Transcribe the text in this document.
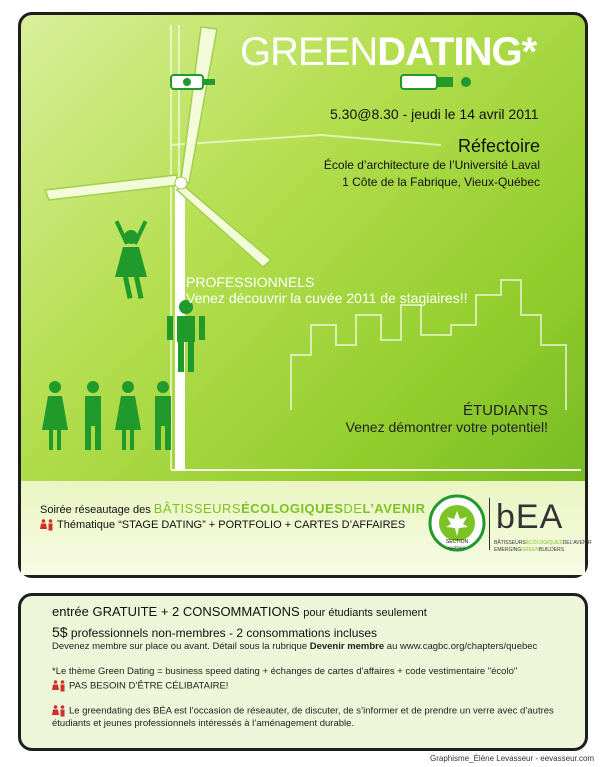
GREENDATING*
5.30@8.30 - jeudi le 14 avril 2011
Réfectoire
École d’architecture de l’Université Laval
1 Côte de la Fabrique, Vieux-Québec
PROFESSIONNELS
Venez découvrir la cuvée 2011 de stagiaires!!
ÉTUDIANTS
Venez démontrer votre potentiel!
Soirée réseautage des BÂTISSEURSÉCOLOGIQUESDEL’AVENIR
Thématique “STAGE DATING” + PORTFOLIO + CARTES D’AFFAIRES
SECTION
QUÉBEC
bEA
BÂTISSEURSÉCOLOGIQUESDEL’AVENIR
EMERGINGGREENBUILDERS
entrée GRATUITE + 2 CONSOMMATIONS pour étudiants seulement
5$ professionnels non-membres - 2 consommations incluses
Devenez membre sur place ou avant. Détail sous la rubrique Devenir membre au www.cagbc.org/chapters/quebec
*Le thème Green Dating = business speed dating + échanges de cartes d’affaires + code vestimentaire "écolo"
PAS BESOIN D’ÊTRE CÉLIBATAIRE!
Le greendating des BÉA est l’occasion de réseauter, de discuter, de s’informer et de prendre un verre avec d’autres étudiants et jeunes professionnels intéressés à l’aménagement durable.
Graphisme_Élène Levasseur - eevasseur.com
